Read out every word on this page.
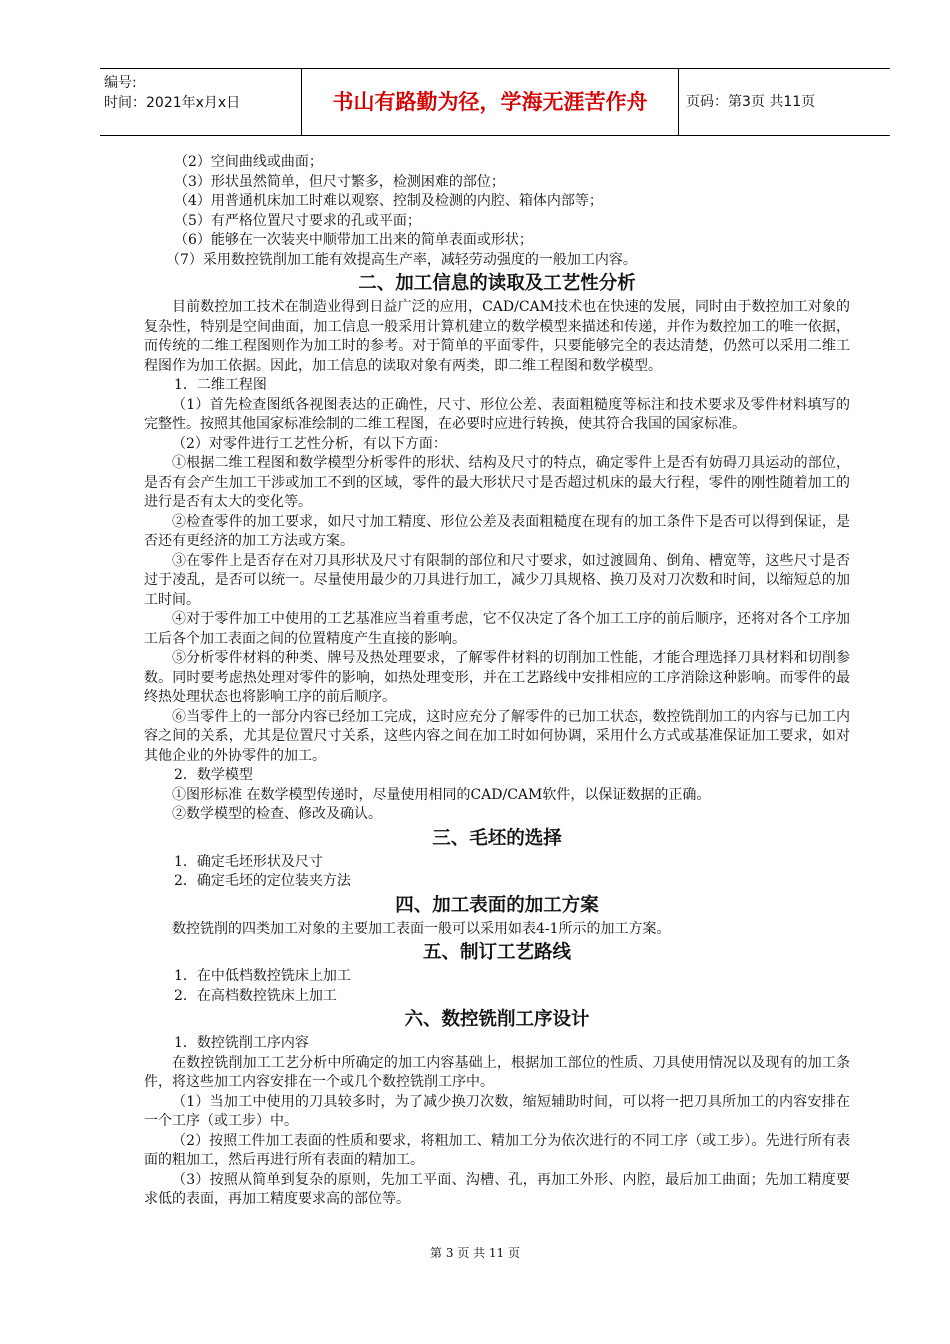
编号:
时间：2021年x月x日	书山有路勤为径，学海无涯苦作舟	页码：第3页 共11页

（2）空间曲线或曲面；

（3）形状虽然简单，但尺寸繁多，检测困难的部位；

（4）用普通机床加工时难以观察、控制及检测的内腔、箱体内部等；

（5）有严格位置尺寸要求的孔或平面；

（6）能够在一次装夹中顺带加工出来的简单表面或形状；

（7）采用数控铣削加工能有效提高生产率，减轻劳动强度的一般加工内容。

二、加工信息的读取及工艺性分析

目前数控加工技术在制造业得到日益广泛的应用，CAD/CAM技术也在快速的发展，同时由于数控加工对象的复杂性，特别是空间曲面，加工信息一般采用计算机建立的数学模型来描述和传递，并作为数控加工的唯一依据，而传统的二维工程图则作为加工时的参考。对于简单的平面零件，只要能够完全的表达清楚，仍然可以采用二维工程图作为加工依据。因此，加工信息的读取对象有两类，即二维工程图和数学模型。

1．二维工程图

（1）首先检查图纸各视图表达的正确性，尺寸、形位公差、表面粗糙度等标注和技术要求及零件材料填写的完整性。按照其他国家标准绘制的二维工程图，在必要时应进行转换，使其符合我国的国家标准。

（2）对零件进行工艺性分析，有以下方面：

①根据二维工程图和数学模型分析零件的形状、结构及尺寸的特点，确定零件上是否有妨碍刀具运动的部位，是否有会产生加工干涉或加工不到的区域，零件的最大形状尺寸是否超过机床的最大行程，零件的刚性随着加工的进行是否有太大的变化等。

②检查零件的加工要求，如尺寸加工精度、形位公差及表面粗糙度在现有的加工条件下是否可以得到保证，是否还有更经济的加工方法或方案。

③在零件上是否存在对刀具形状及尺寸有限制的部位和尺寸要求，如过渡圆角、倒角、槽宽等，这些尺寸是否过于凌乱，是否可以统一。尽量使用最少的刀具进行加工，减少刀具规格、换刀及对刀次数和时间，以缩短总的加工时间。

④对于零件加工中使用的工艺基准应当着重考虑，它不仅决定了各个加工工序的前后顺序，还将对各个工序加工后各个加工表面之间的位置精度产生直接的影响。

⑤分析零件材料的种类、牌号及热处理要求，了解零件材料的切削加工性能，才能合理选择刀具材料和切削参数。同时要考虑热处理对零件的影响，如热处理变形，并在工艺路线中安排相应的工序消除这种影响。而零件的最终热处理状态也将影响工序的前后顺序。

⑥当零件上的一部分内容已经加工完成，这时应充分了解零件的已加工状态，数控铣削加工的内容与已加工内容之间的关系，尤其是位置尺寸关系，这些内容之间在加工时如何协调，采用什么方式或基准保证加工要求，如对其他企业的外协零件的加工。

2．数学模型

①图形标准 在数学模型传递时，尽量使用相同的CAD/CAM软件，以保证数据的正确。

②数学模型的检查、修改及确认。

三、毛坯的选择

1．确定毛坯形状及尺寸

2．确定毛坯的定位装夹方法

四、加工表面的加工方案

数控铣削的四类加工对象的主要加工表面一般可以采用如表4-1所示的加工方案。

五、制订工艺路线

1．在中低档数控铣床上加工

2．在高档数控铣床上加工

六、数控铣削工序设计

1．数控铣削工序内容

在数控铣削加工工艺分析中所确定的加工内容基础上，根据加工部位的性质、刀具使用情况以及现有的加工条件，将这些加工内容安排在一个或几个数控铣削工序中。

（1）当加工中使用的刀具较多时，为了减少换刀次数，缩短辅助时间，可以将一把刀具所加工的内容安排在一个工序（或工步）中。

（2）按照工件加工表面的性质和要求，将粗加工、精加工分为依次进行的不同工序（或工步）。先进行所有表面的粗加工，然后再进行所有表面的精加工。

（3）按照从简单到复杂的原则，先加工平面、沟槽、孔，再加工外形、内腔，最后加工曲面；先加工精度要求低的表面，再加工精度要求高的部位等。

第 3 页 共 11 页
